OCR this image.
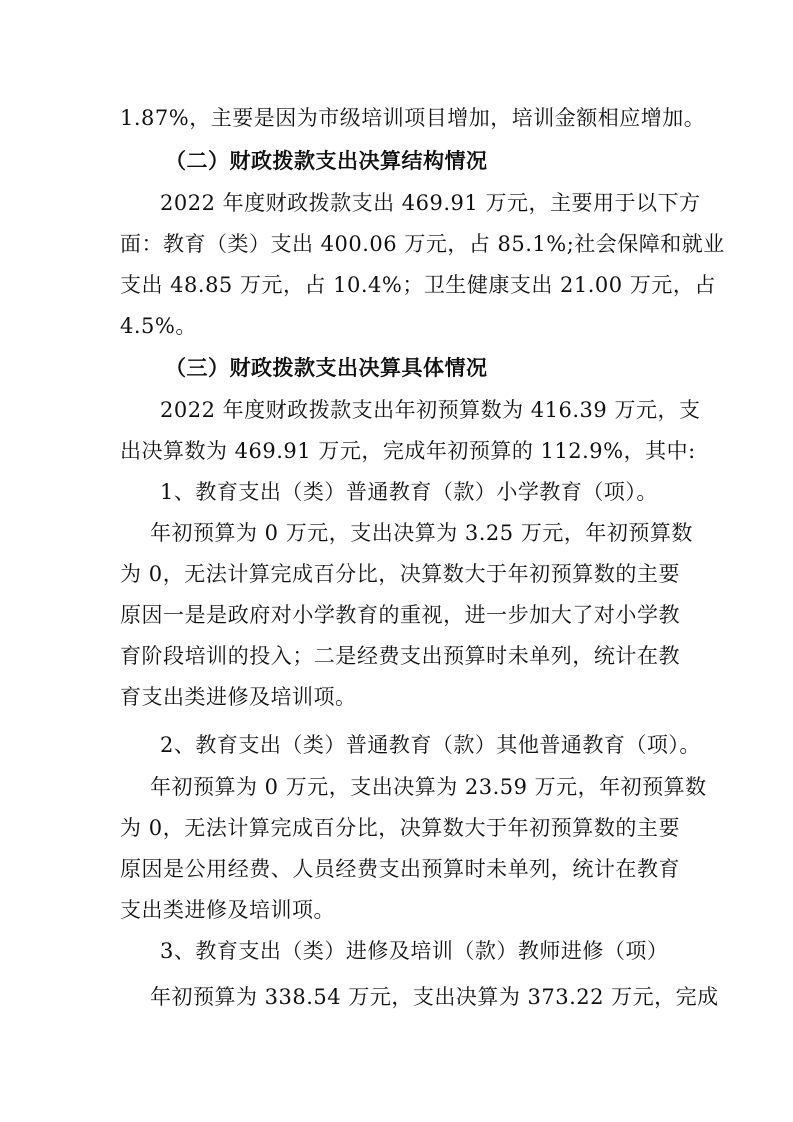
1.87%，主要是因为市级培训项目增加，培训金额相应增加。
（二）财政拨款支出决算结构情况
2022 年度财政拨款支出 469.91 万元，主要用于以下方
面：教育（类）支出 400.06 万元，占 85.1%;社会保障和就业
支出 48.85 万元，占 10.4%；卫生健康支出 21.00 万元，占
4.5%。
（三）财政拨款支出决算具体情况
2022 年度财政拨款支出年初预算数为 416.39 万元，支
出决算数为 469.91 万元，完成年初预算的 112.9%，其中:
1、教育支出（类）普通教育（款）小学教育（项）。
年初预算为 0 万元，支出决算为 3.25 万元，年初预算数
为 0，无法计算完成百分比，决算数大于年初预算数的主要
原因一是是政府对小学教育的重视，进一步加大了对小学教
育阶段培训的投入；二是经费支出预算时未单列，统计在教
育支出类进修及培训项。
2、教育支出（类）普通教育（款）其他普通教育（项）。
年初预算为 0 万元，支出决算为 23.59 万元，年初预算数
为 0，无法计算完成百分比，决算数大于年初预算数的主要
原因是公用经费、人员经费支出预算时未单列，统计在教育
支出类进修及培训项。
3、教育支出（类）进修及培训（款）教师进修（项）
年初预算为 338.54 万元，支出决算为 373.22 万元，完成
